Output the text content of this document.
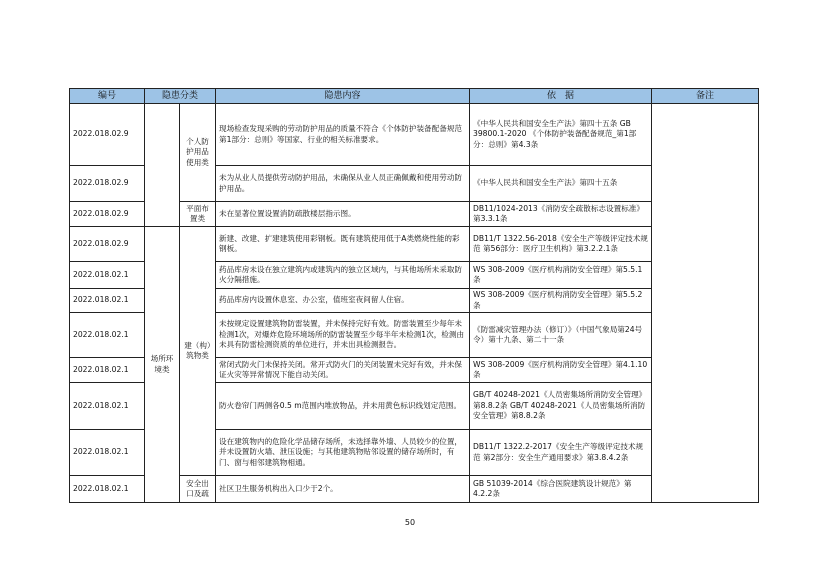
编号	隐患分类		隐患内容	依　据	备注
2022.018.02.9		个人防护用品使用类	现场检查发现采购的劳动防护用品的质量不符合《个体防护装备配备规范 第1部分：总则》等国家、行业的相关标准要求。	《中华人民共和国安全生产法》第四十五条 GB 39800.1-2020 《个体防护装备配备规范_第1部分：总则》第4.3条	
2022.018.02.9			未为从业人员提供劳动防护用品，未确保从业人员正确佩戴和使用劳动防护用品。	《中华人民共和国安全生产法》第四十五条	
2022.018.02.9		平面布置类	未在显著位置设置消防疏散楼层指示图。	DB11/1024-2013《消防安全疏散标志设置标准》第3.3.1条	
2022.018.02.9	场所环境类	建（构）筑物类	新建、改建、扩建建筑使用彩钢板。既有建筑使用低于A类燃烧性能的彩钢板。	DB11/T 1322.56-2018《安全生产等级评定技术规范 第56部分：医疗卫生机构》第3.2.2.1条	
2022.018.02.1			药品库房未设在独立建筑内或建筑内的独立区域内，与其他场所未采取防火分隔措施。	WS 308-2009《医疗机构消防安全管理》第5.5.1条	
2022.018.02.1			药品库房内设置休息室、办公室，值班室夜间留人住宿。	WS 308-2009《医疗机构消防安全管理》第5.5.2条	
2022.018.02.1			未按规定设置建筑物防雷装置，并未保持完好有效。防雷装置至少每年未检测1次，对爆炸危险环境场所的防雷装置至少每半年未检测1次，检测由未具有防雷检测资质的单位进行，并未出具检测报告。	《防雷减灾管理办法（修订）》（中国气象局第24号令）第十九条、第二十一条	
2022.018.02.1			常闭式防火门未保持关闭。常开式防火门的关闭装置未完好有效，并未保证火灾等异常情况下能自动关闭。	WS 308-2009《医疗机构消防安全管理》第4.1.10条	
2022.018.02.1			防火卷帘门两侧各0.5 m范围内堆放物品，并未用黄色标识线划定范围。	GB/T 40248-2021《人员密集场所消防安全管理》第8.8.2条 GB/T 40248-2021《人员密集场所消防安全管理》第8.8.2条	
2022.018.02.1			设在建筑物内的危险化学品储存场所，未选择靠外墙、人员较少的位置，并未设置防火墙、泄压设施；与其他建筑物贴邻设置的储存场所时，有门、窗与相邻建筑物相通。	DB11/T 1322.2-2017《安全生产等级评定技术规范 第2部分：安全生产通用要求》第3.8.4.2条	
2022.018.02.1		安全出口及疏	社区卫生服务机构出入口少于2个。	GB 51039-2014《综合医院建筑设计规范》第4.2.2条	
50
